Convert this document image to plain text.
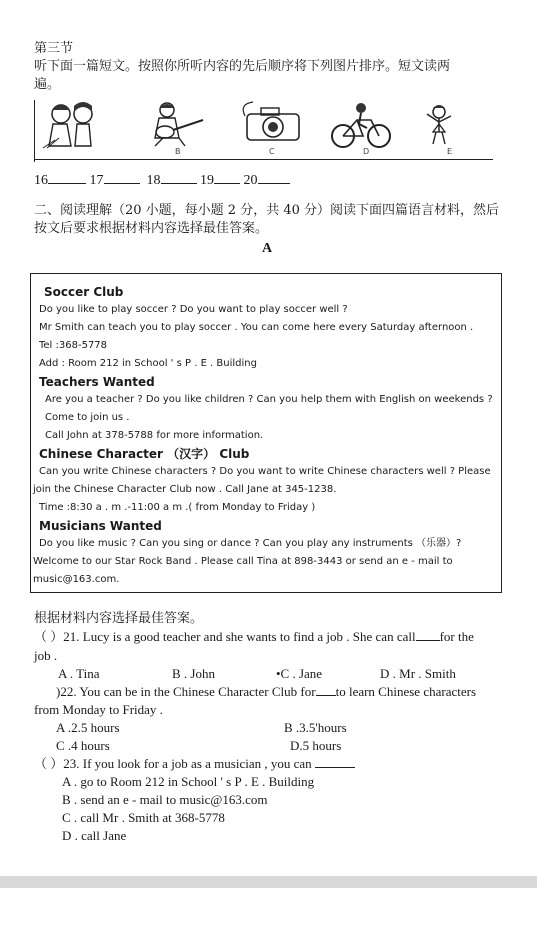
第三节
听下面一篇短文。按照你所听内容的先后顺序将下列图片排序。短文读两
遍。
B	C	D	E
16	17	18	19 20
二、阅读理解（20 小题，每小题 2 分，共 40 分）阅读下面四篇语言材料，然后
按文后要求根据材料内容选择最佳答案。
A
Soccer Club
Do you like to play soccer ? Do you want to play soccer well ?
Mr Smith can teach you to play soccer . You can come here every Saturday afternoon .
Tel :368-5778
Add : Room 212 in School ' s P . E . Building
Teachers Wanted
Are you a teacher ? Do you like children ? Can you help them with English on weekends ?
Come to join us .
Call John at 378-5788 for more information.
Chinese Character （汉字） Club
Can you write Chinese characters ? Do you want to write Chinese characters well ? Please
join the Chinese Character Club now . Call Jane at 345-1238.
Time :8:30 a . m .-11:00 a m .( from Monday to Friday )
Musicians Wanted
Do you like music ? Can you sing or dance ? Can you play any instruments （乐器）?
Welcome to our Star Rock Band . Please call Tina at 898-3443 or send an e - mail to
music@163.com.
根据材料内容选择最佳答案。
（ ）21. Lucy is a good teacher and she wants to find a job . She can call for the
job .
A . Tina	B . John	•C . Jane	D . Mr . Smith
)22. You can be in the Chinese Character Club for to learn Chinese characters
from Monday to Friday .
A .2.5 hours	B .3.5'hours
C .4 hours	D.5 hours
（ ）23. If you look for a job as a musician , you can
A . go to Room 212 in School ' s P . E . Building
B . send an e - mail to music@163.com
C . call Mr . Smith at 368-5778
D . call Jane
